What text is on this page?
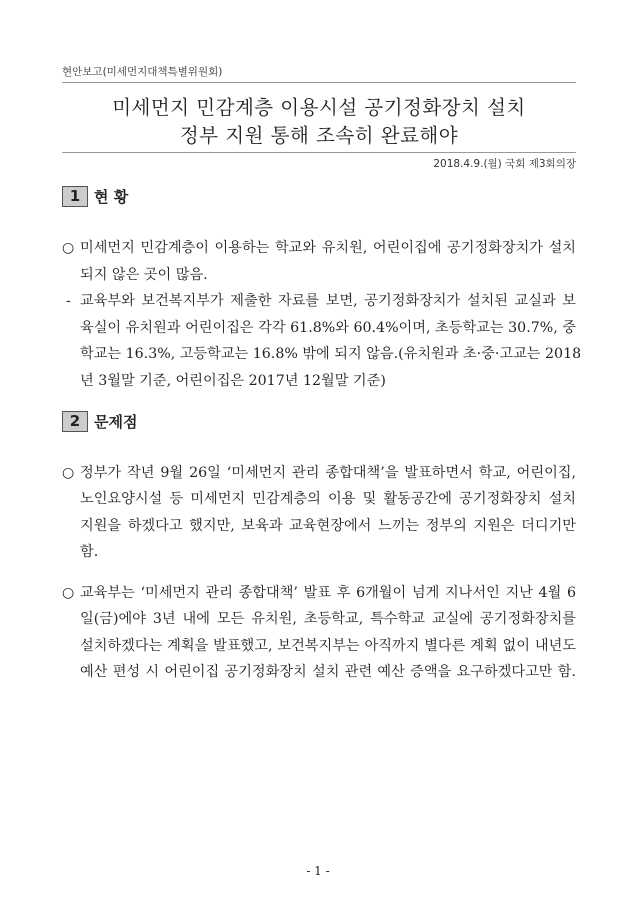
현안보고(미세먼지대책특별위원회)
미세먼지 민감계층 이용시설 공기정화장치 설치
정부 지원 통해 조속히 완료해야
2018.4.9.(월) 국회 제3회의장
1 현 황
○ 미세먼지 민감계층이 이용하는 학교와 유치원, 어린이집에 공기정화장치가 설치
되지 않은 곳이 많음.
- 교육부와 보건복지부가 제출한 자료를 보면, 공기정화장치가 설치된 교실과 보
육실이 유치원과 어린이집은 각각 61.8%와 60.4%이며, 초등학교는 30.7%, 중
학교는 16.3%, 고등학교는 16.8% 밖에 되지 않음.(유치원과 초·중·고교는 2018
년 3월말 기준, 어린이집은 2017년 12월말 기준)
2 문제점
○ 정부가 작년 9월 26일 ‘미세먼지 관리 종합대책’을 발표하면서 학교, 어린이집,
노인요양시설 등 미세먼지 민감계층의 이용 및 활동공간에 공기정화장치 설치
지원을 하겠다고 했지만, 보육과 교육현장에서 느끼는 정부의 지원은 더디기만
함.
○ 교육부는 ‘미세먼지 관리 종합대책’ 발표 후 6개월이 넘게 지나서인 지난 4월 6
일(금)에야 3년 내에 모든 유치원, 초등학교, 특수학교 교실에 공기정화장치를
설치하겠다는 계획을 발표했고, 보건복지부는 아직까지 별다른 계획 없이 내년도
예산 편성 시 어린이집 공기정화장치 설치 관련 예산 증액을 요구하겠다고만 함.
- 1 -
